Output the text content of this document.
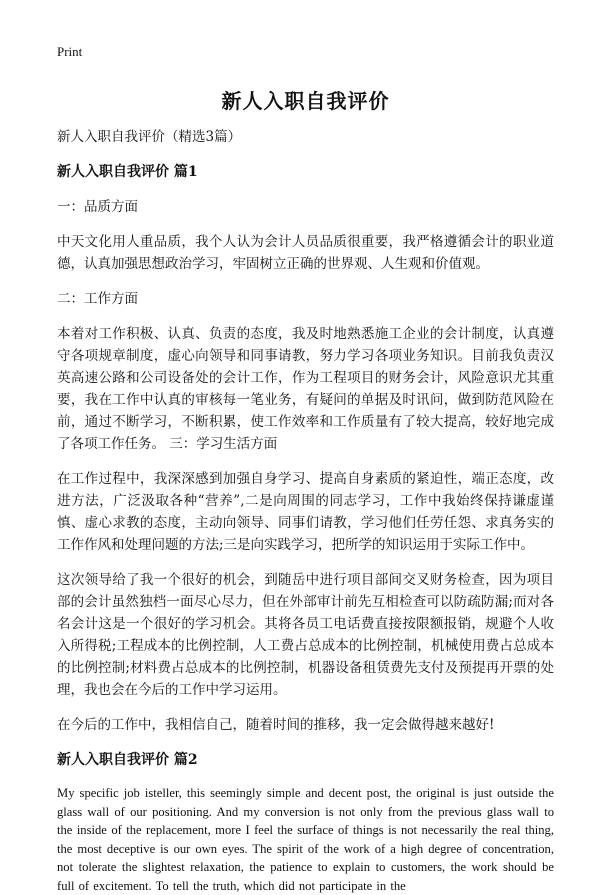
Print

新人入职自我评价

新人入职自我评价（精选3篇）

新人入职自我评价 篇1

一：品质方面

中天文化用人重品质，我个人认为会计人员品质很重要，我严格遵循会计的职业道德，认真加强思想政治学习，牢固树立正确的世界观、人生观和价值观。

二：工作方面

本着对工作积极、认真、负责的态度，我及时地熟悉施工企业的会计制度，认真遵守各项规章制度，虚心向领导和同事请教，努力学习各项业务知识。目前我负责汉英高速公路和公司设备处的会计工作，作为工程项目的财务会计，风险意识尤其重要，我在工作中认真的审核每一笔业务，有疑问的单据及时讯问，做到防范风险在前，通过不断学习，不断积累，使工作效率和工作质量有了较大提高，较好地完成了各项工作任务。 三：学习生活方面

在工作过程中，我深深感到加强自身学习、提高自身素质的紧迫性，端正态度，改进方法，广泛汲取各种“营养”,二是向周围的同志学习，工作中我始终保持谦虚谨慎、虚心求教的态度，主动向领导、同事们请教，学习他们任劳任怨、求真务实的工作作风和处理问题的方法;三是向实践学习，把所学的知识运用于实际工作中。

这次领导给了我一个很好的机会，到随岳中进行项目部间交叉财务检查，因为项目部的会计虽然独档一面尽心尽力，但在外部审计前先互相检查可以防疏防漏;而对各名会计这是一个很好的学习机会。其将各员工电话费直接按限额报销，规避个人收入所得税;工程成本的比例控制，人工费占总成本的比例控制，机械使用费占总成本的比例控制;材料费占总成本的比例控制，机器设备租赁费先支付及预提再开票的处理，我也会在今后的工作中学习运用。

在今后的工作中，我相信自己，随着时间的推移，我一定会做得越来越好!

新人入职自我评价 篇2

My specific job isteller, this seemingly simple and decent post, the original is just outside the glass wall of our positioning. And my conversion is not only from the previous glass wall to the inside of the replacement, more I feel the surface of things is not necessarily the real thing, the most deceptive is our own eyes. The spirit of the work of a high degree of concentration, not tolerate the slightest relaxation, the patience to explain to customers, the work should be full of excitement. To tell the truth, which did not participate in the
